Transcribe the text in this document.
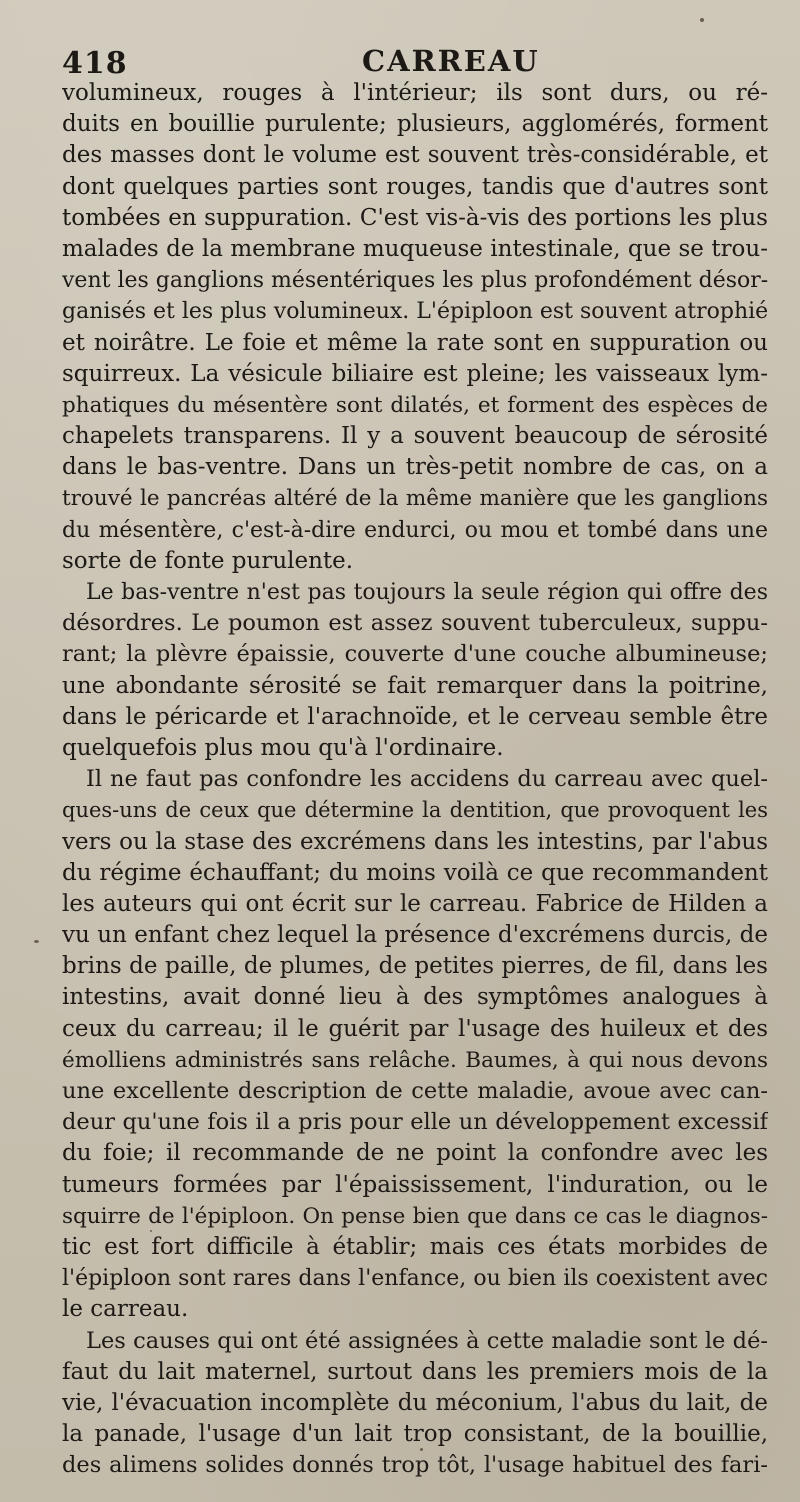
418	CARREAU
volumineux, rouges à l'intérieur; ils sont durs, ou ré-
duits en bouillie purulente; plusieurs, agglomérés, forment
des masses dont le volume est souvent très-considérable, et
dont quelques parties sont rouges, tandis que d'autres sont
tombées en suppuration. C'est vis-à-vis des portions les plus
malades de la membrane muqueuse intestinale, que se trou-
vent les ganglions mésentériques les plus profondément désor-
ganisés et les plus volumineux. L'épiploon est souvent atrophié
et noirâtre. Le foie et même la rate sont en suppuration ou
squirreux. La vésicule biliaire est pleine; les vaisseaux lym-
phatiques du mésentère sont dilatés, et forment des espèces de
chapelets transparens. Il y a souvent beaucoup de sérosité
dans le bas-ventre. Dans un très-petit nombre de cas, on a
trouvé le pancréas altéré de la même manière que les ganglions
du mésentère, c'est-à-dire endurci, ou mou et tombé dans une
sorte de fonte purulente.
Le bas-ventre n'est pas toujours la seule région qui offre des
désordres. Le poumon est assez souvent tuberculeux, suppu-
rant; la plèvre épaissie, couverte d'une couche albumineuse;
une abondante sérosité se fait remarquer dans la poitrine,
dans le péricarde et l'arachnoïde, et le cerveau semble être
quelquefois plus mou qu'à l'ordinaire.
Il ne faut pas confondre les accidens du carreau avec quel-
ques-uns de ceux que détermine la dentition, que provoquent les
vers ou la stase des excrémens dans les intestins, par l'abus
du régime échauffant; du moins voilà ce que recommandent
les auteurs qui ont écrit sur le carreau. Fabrice de Hilden a
vu un enfant chez lequel la présence d'excrémens durcis, de
brins de paille, de plumes, de petites pierres, de fil, dans les
intestins, avait donné lieu à des symptômes analogues à
ceux du carreau; il le guérit par l'usage des huileux et des
émolliens administrés sans relâche. Baumes, à qui nous devons
une excellente description de cette maladie, avoue avec can-
deur qu'une fois il a pris pour elle un développement excessif
du foie; il recommande de ne point la confondre avec les
tumeurs formées par l'épaississement, l'induration, ou le
squirre de l'épiploon. On pense bien que dans ce cas le diagnos-
tic est fort difficile à établir; mais ces états morbides de
l'épiploon sont rares dans l'enfance, ou bien ils coexistent avec
le carreau.
Les causes qui ont été assignées à cette maladie sont le dé-
faut du lait maternel, surtout dans les premiers mois de la
vie, l'évacuation incomplète du méconium, l'abus du lait, de
la panade, l'usage d'un lait trop consistant, de la bouillie,
des alimens solides donnés trop tôt, l'usage habituel des fari-
